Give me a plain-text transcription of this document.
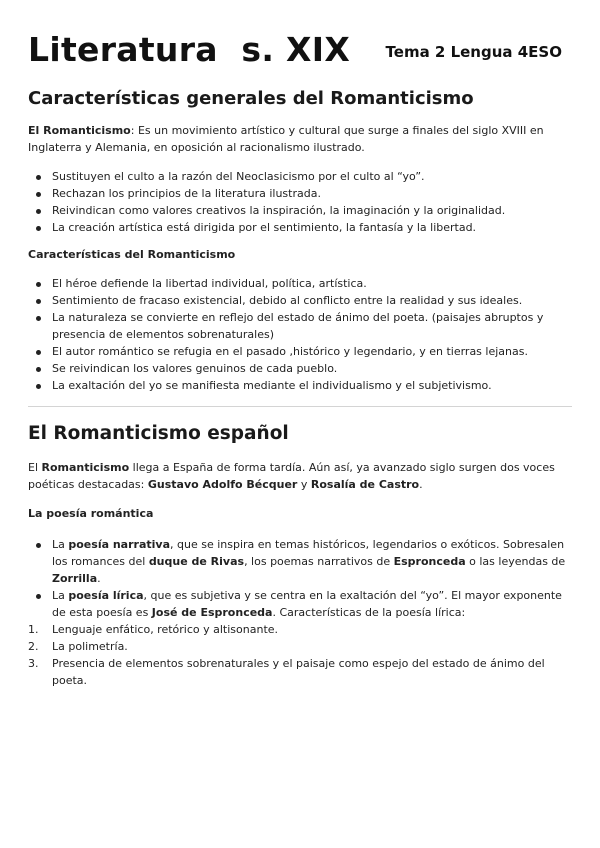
Literatura  s. XIX Tema 2 Lengua 4ESO
Características generales del Romanticismo

El Romanticismo: Es un movimiento artístico y cultural que surge a finales del siglo XVIII en Inglaterra y Alemania, en oposición al racionalismo ilustrado.

Sustituyen el culto a la razón del Neoclasicismo por el culto al “yo”.
Rechazan los principios de la literatura ilustrada.
Reivindican como valores creativos la inspiración, la imaginación y la originalidad.
La creación artística está dirigida por el sentimiento, la fantasía y la libertad.
Características del Romanticismo
El héroe defiende la libertad individual, política, artística.
Sentimiento de fracaso existencial, debido al conflicto entre la realidad y sus ideales.
La naturaleza se convierte en reflejo del estado de ánimo del poeta. (paisajes abruptos y presencia de elementos sobrenaturales)
El autor romántico se refugia en el pasado ,histórico y legendario, y en tierras lejanas.
Se reivindican los valores genuinos de cada pueblo.
La exaltación del yo se manifiesta mediante el individualismo y el subjetivismo.
El Romanticismo español

El Romanticismo llega a España de forma tardía. Aún así, ya avanzado siglo surgen dos voces poéticas destacadas: Gustavo Adolfo Bécquer y Rosalía de Castro.

La poesía romántica
La poesía narrativa, que se inspira en temas históricos, legendarios o exóticos. Sobresalen los romances del duque de Rivas, los poemas narrativos de Espronceda o las leyendas de Zorrilla.
La poesía lírica, que es subjetiva y se centra en la exaltación del “yo”. El mayor exponente de esta poesía es José de Espronceda. Características de la poesía lírica:
1. Lenguaje enfático, retórico y altisonante.
2. La polimetría.
3. Presencia de elementos sobrenaturales y el paisaje como espejo del estado de ánimo del poeta.
